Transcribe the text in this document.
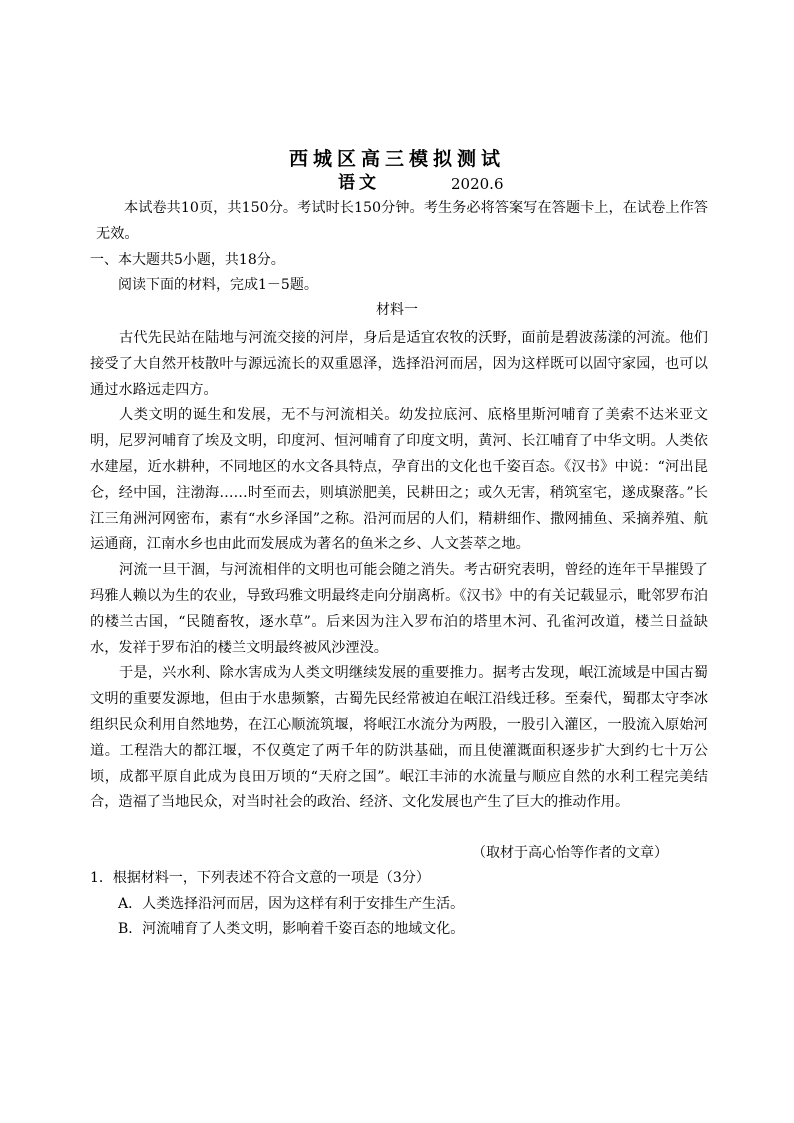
西城区高三模拟测试
语文	2020.6
本试卷共10页，共150分。考试时长150分钟。考生务必将答案写在答题卡上，在试卷上作答无效。
一、本大题共5小题，共18分。
阅读下面的材料，完成1－5题。
材料一

古代先民站在陆地与河流交接的河岸，身后是适宜农牧的沃野，面前是碧波荡漾的河流。他们接受了大自然开枝散叶与源远流长的双重恩泽，选择沿河而居，因为这样既可以固守家园，也可以通过水路远走四方。

人类文明的诞生和发展，无不与河流相关。幼发拉底河、底格里斯河哺育了美索不达米亚文明，尼罗河哺育了埃及文明，印度河、恒河哺育了印度文明，黄河、长江哺育了中华文明。人类依水建屋，近水耕种，不同地区的水文各具特点，孕育出的文化也千姿百态。《汉书》中说：“河出昆仑，经中国，注渤海……时至而去，则填淤肥美，民耕田之；或久无害，稍筑室宅，遂成聚落。”长江三角洲河网密布，素有“水乡泽国”之称。沿河而居的人们，精耕细作、撒网捕鱼、采摘养殖、航运通商，江南水乡也由此而发展成为著名的鱼米之乡、人文荟萃之地。

河流一旦干涸，与河流相伴的文明也可能会随之消失。考古研究表明，曾经的连年干旱摧毁了玛雅人赖以为生的农业，导致玛雅文明最终走向分崩离析。《汉书》中的有关记载显示，毗邻罗布泊的楼兰古国，“民随畜牧，逐水草”。后来因为注入罗布泊的塔里木河、孔雀河改道，楼兰日益缺水，发祥于罗布泊的楼兰文明最终被风沙湮没。

于是，兴水利、除水害成为人类文明继续发展的重要推力。据考古发现，岷江流域是中国古蜀文明的重要发源地，但由于水患频繁，古蜀先民经常被迫在岷江沿线迁移。至秦代，蜀郡太守李冰组织民众利用自然地势，在江心顺流筑堰，将岷江水流分为两股，一股引入灌区，一股流入原始河道。工程浩大的都江堰，不仅奠定了两千年的防洪基础，而且使灌溉面积逐步扩大到约七十万公顷，成都平原自此成为良田万顷的“天府之国”。岷江丰沛的水流量与顺应自然的水利工程完美结合，造福了当地民众，对当时社会的政治、经济、文化发展也产生了巨大的推动作用。

（取材于高心怡等作者的文章）
1．根据材料一，下列表述不符合文意的一项是（3分）
A．人类选择沿河而居，因为这样有利于安排生产生活。
B．河流哺育了人类文明，影响着千姿百态的地域文化。
